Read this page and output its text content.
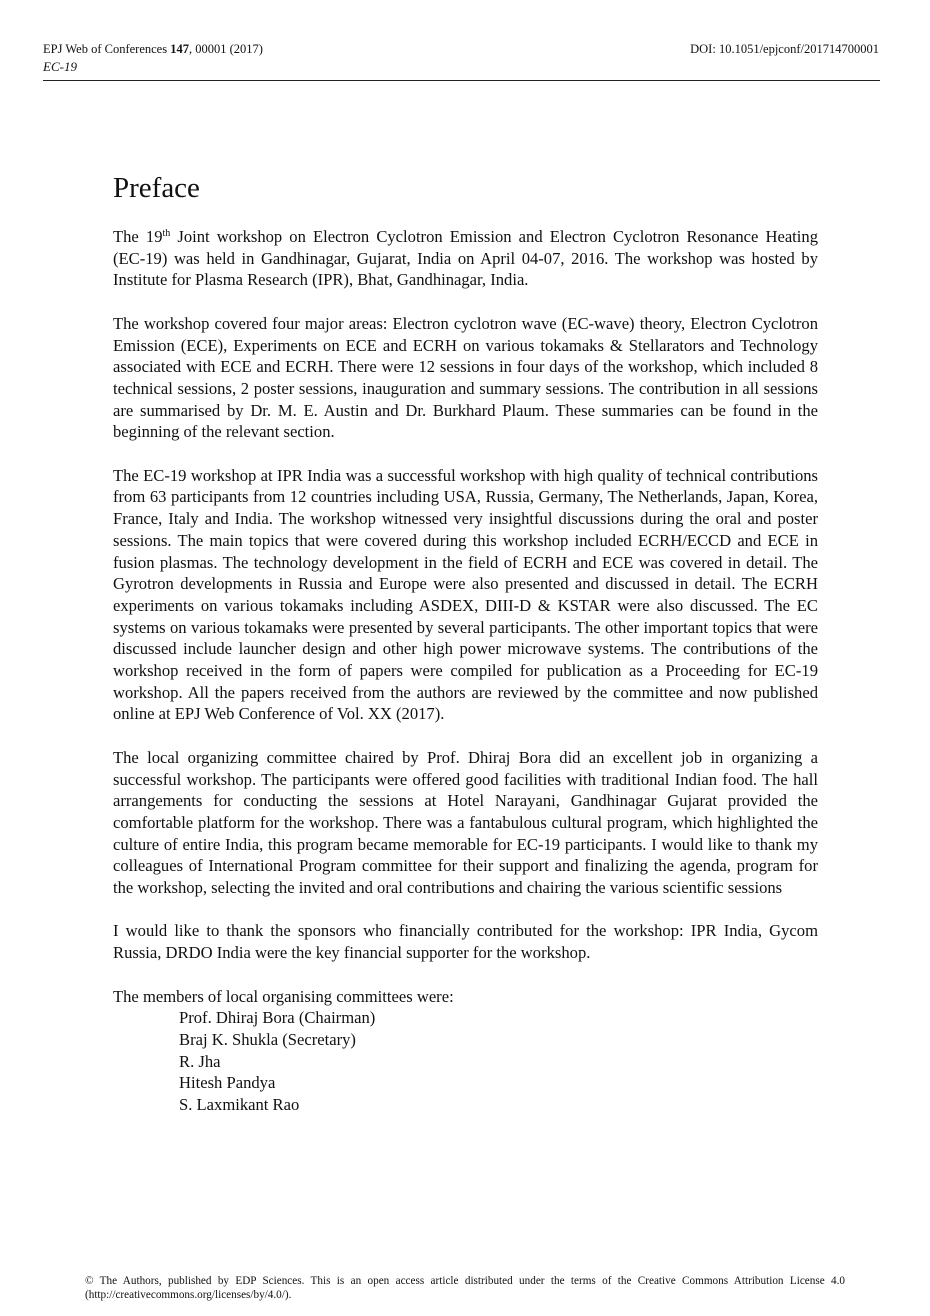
EPJ Web of Conferences 147, 00001 (2017)	DOI: 10.1051/epjconf/201714700001
EC-19
Preface

The 19th Joint workshop on Electron Cyclotron Emission and Electron Cyclotron Resonance Heating (EC-19) was held in Gandhinagar, Gujarat, India on April 04-07, 2016. The workshop was hosted by Institute for Plasma Research (IPR), Bhat, Gandhinagar, India.

The workshop covered four major areas: Electron cyclotron wave (EC-wave) theory, Electron Cyclotron Emission (ECE), Experiments on ECE and ECRH on various tokamaks & Stellarators and Technology associated with ECE and ECRH. There were 12 sessions in four days of the workshop, which included 8 technical sessions, 2 poster sessions, inauguration and summary sessions. The contribution in all sessions are summarised by Dr. M. E. Austin and Dr. Burkhard Plaum. These summaries can be found in the beginning of the relevant section.

The EC-19 workshop at IPR India was a successful workshop with high quality of technical contributions from 63 participants from 12 countries including USA, Russia, Germany, The Netherlands, Japan, Korea, France, Italy and India. The workshop witnessed very insightful discussions during the oral and poster sessions. The main topics that were covered during this workshop included ECRH/ECCD and ECE in fusion plasmas. The technology development in the field of ECRH and ECE was covered in detail. The Gyrotron developments in Russia and Europe were also presented and discussed in detail. The ECRH experiments on various tokamaks including ASDEX, DIII-D & KSTAR were also discussed. The EC systems on various tokamaks were presented by several participants. The other important topics that were discussed include launcher design and other high power microwave systems. The contributions of the workshop received in the form of papers were compiled for publication as a Proceeding for EC-19 workshop. All the papers received from the authors are reviewed by the committee and now published online at EPJ Web Conference of Vol. XX (2017).

The local organizing committee chaired by Prof. Dhiraj Bora did an excellent job in organizing a successful workshop. The participants were offered good facilities with traditional Indian food. The hall arrangements for conducting the sessions at Hotel Narayani, Gandhinagar Gujarat provided the comfortable platform for the workshop. There was a fantabulous cultural program, which highlighted the culture of entire India, this program became memorable for EC-19 participants. I would like to thank my colleagues of International Program committee for their support and finalizing the agenda, program for the workshop, selecting the invited and oral contributions and chairing the various scientific sessions

I would like to thank the sponsors who financially contributed for the workshop: IPR India, Gycom Russia, DRDO India were the key financial supporter for the workshop.

The members of local organising committees were:

Prof. Dhiraj Bora (Chairman)
Braj K. Shukla (Secretary)
R. Jha
Hitesh Pandya
S. Laxmikant Rao
© The Authors, published by EDP Sciences. This is an open access article distributed under the terms of the Creative Commons Attribution License 4.0 (http://creativecommons.org/licenses/by/4.0/).
